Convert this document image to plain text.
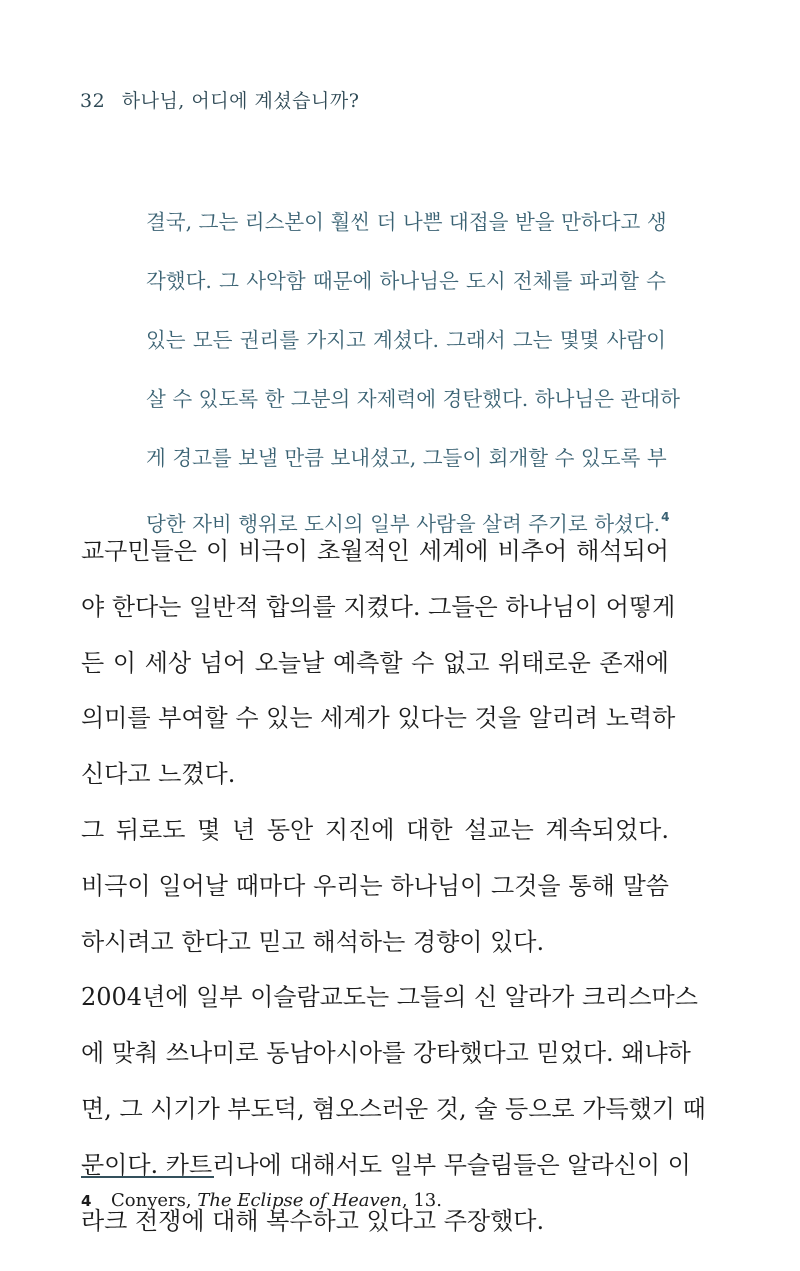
32 하나님, 어디에 계셨습니까?
결국, 그는 리스본이 훨씬 더 나쁜 대접을 받을 만하다고 생
각했다. 그 사악함 때문에 하나님은 도시 전체를 파괴할 수
있는 모든 권리를 가지고 계셨다. 그래서 그는 몇몇 사람이
살 수 있도록 한 그분의 자제력에 경탄했다. 하나님은 관대하
게 경고를 보낼 만큼 보내셨고, 그들이 회개할 수 있도록 부
당한 자비 행위로 도시의 일부 사람을 살려 주기로 하셨다.$^4$
교구민들은 이 비극이 초월적인 세계에 비추어 해석되어
야 한다는 일반적 합의를 지켰다. 그들은 하나님이 어떻게
든 이 세상 넘어 오늘날 예측할 수 없고 위태로운 존재에
의미를 부여할 수 있는 세계가 있다는 것을 알리려 노력하
신다고 느꼈다.
그 뒤로도 몇 년 동안 지진에 대한 설교는 계속되었다.
비극이 일어날 때마다 우리는 하나님이 그것을 통해 말씀
하시려고 한다고 믿고 해석하는 경향이 있다.
2004년에 일부 이슬람교도는 그들의 신 알라가 크리스마스
에 맞춰 쓰나미로 동남아시아를 강타했다고 믿었다. 왜냐하
면, 그 시기가 부도덕, 혐오스러운 것, 술 등으로 가득했기 때
문이다. 카트리나에 대해서도 일부 무슬림들은 알라신이 이
라크 전쟁에 대해 복수하고 있다고 주장했다.
4 Conyers, The Eclipse of Heaven, 13.
